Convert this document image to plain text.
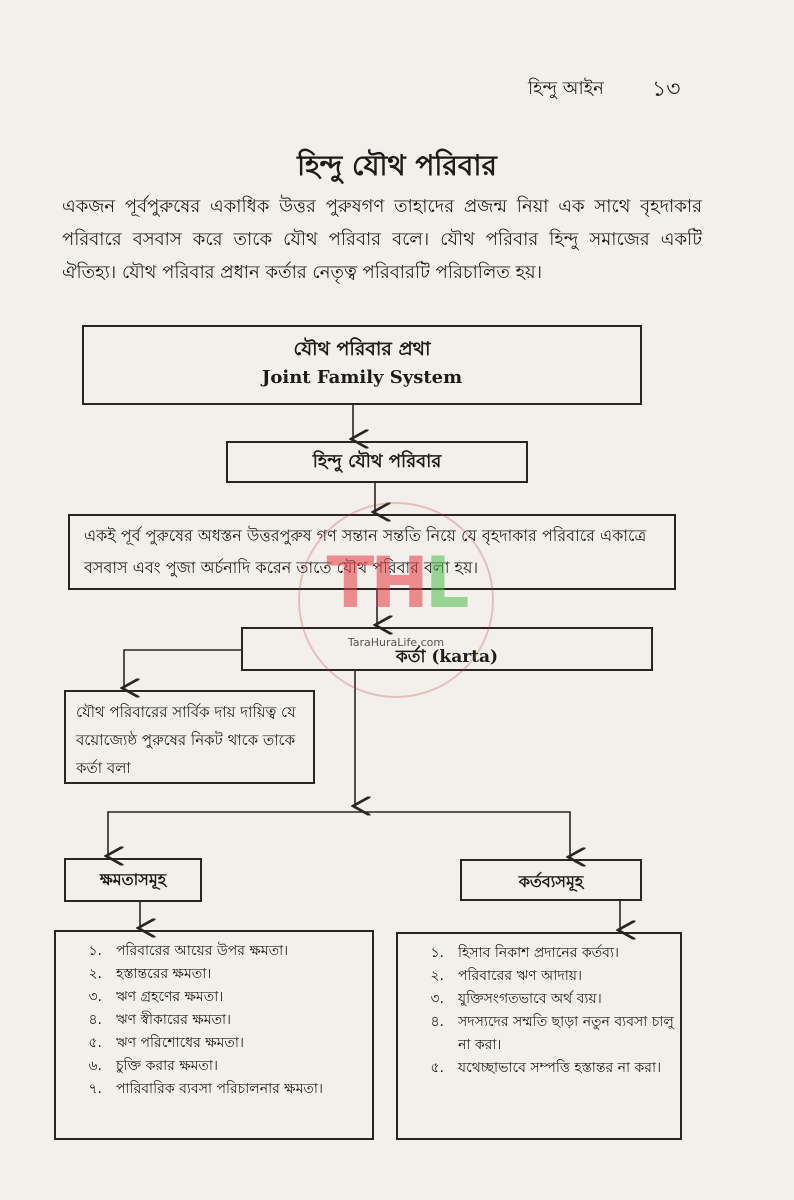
হিন্দু আইন ১৩
হিন্দু যৌথ পরিবার
একজন পূর্বপুরুষের একাধিক উত্তর পুরুষগণ তাহাদের প্রজন্ম নিয়া এক সাথে বৃহদাকার পরিবারে বসবাস করে তাকে যৌথ পরিবার বলে। যৌথ পরিবার হিন্দু সমাজের একটি ঐতিহ্য। যৌথ পরিবার প্রধান কর্তার নেতৃত্ব পরিবারটি পরিচালিত হয়।
যৌথ পরিবার প্রথা
Joint Family System
হিন্দু যৌথ পরিবার
একই পূর্ব পুরুষের অধস্তন উত্তরপুরুষ গণ সন্তান সন্ততি নিয়ে যে বৃহদাকার পরিবারে একাত্রে বসবাস এবং পুজা অর্চনাদি করেন তাতে যৌথ পরিবার বলা হয়।
কর্তা (karta)
যৌথ পরিবারের সার্বিক দায় দায়িত্ব যে বয়োজ্যেষ্ঠ পুরুষের নিকট থাকে তাকে কর্তা বলা
ক্ষমতাসমূহ	কর্তব্যসমূহ
১.	পরিবারের আয়ের উপর ক্ষমতা।
২.	হস্তান্তরের ক্ষমতা।
৩.	ঋণ গ্রহণের ক্ষমতা।
৪.	ঋণ স্বীকারের ক্ষমতা।
৫.	ঋণ পরিশোধের ক্ষমতা।
৬.	চুক্তি করার ক্ষমতা।
৭.	পারিবারিক ব্যবসা পরিচালনার ক্ষমতা।
১.	হিসাব নিকাশ প্রদানের কর্তব্য।
২.	পরিবারের ঋণ আদায়।
৩.	যুক্তিসংগতভাবে অর্থ ব্যয়।
৪.	সদস্যদের সম্মতি ছাড়া নতুন ব্যবসা চালু না করা।
৫.	যথেচ্ছাভাবে সম্পত্তি হস্তান্তর না করা।
THL
TaraHuraLife.com
